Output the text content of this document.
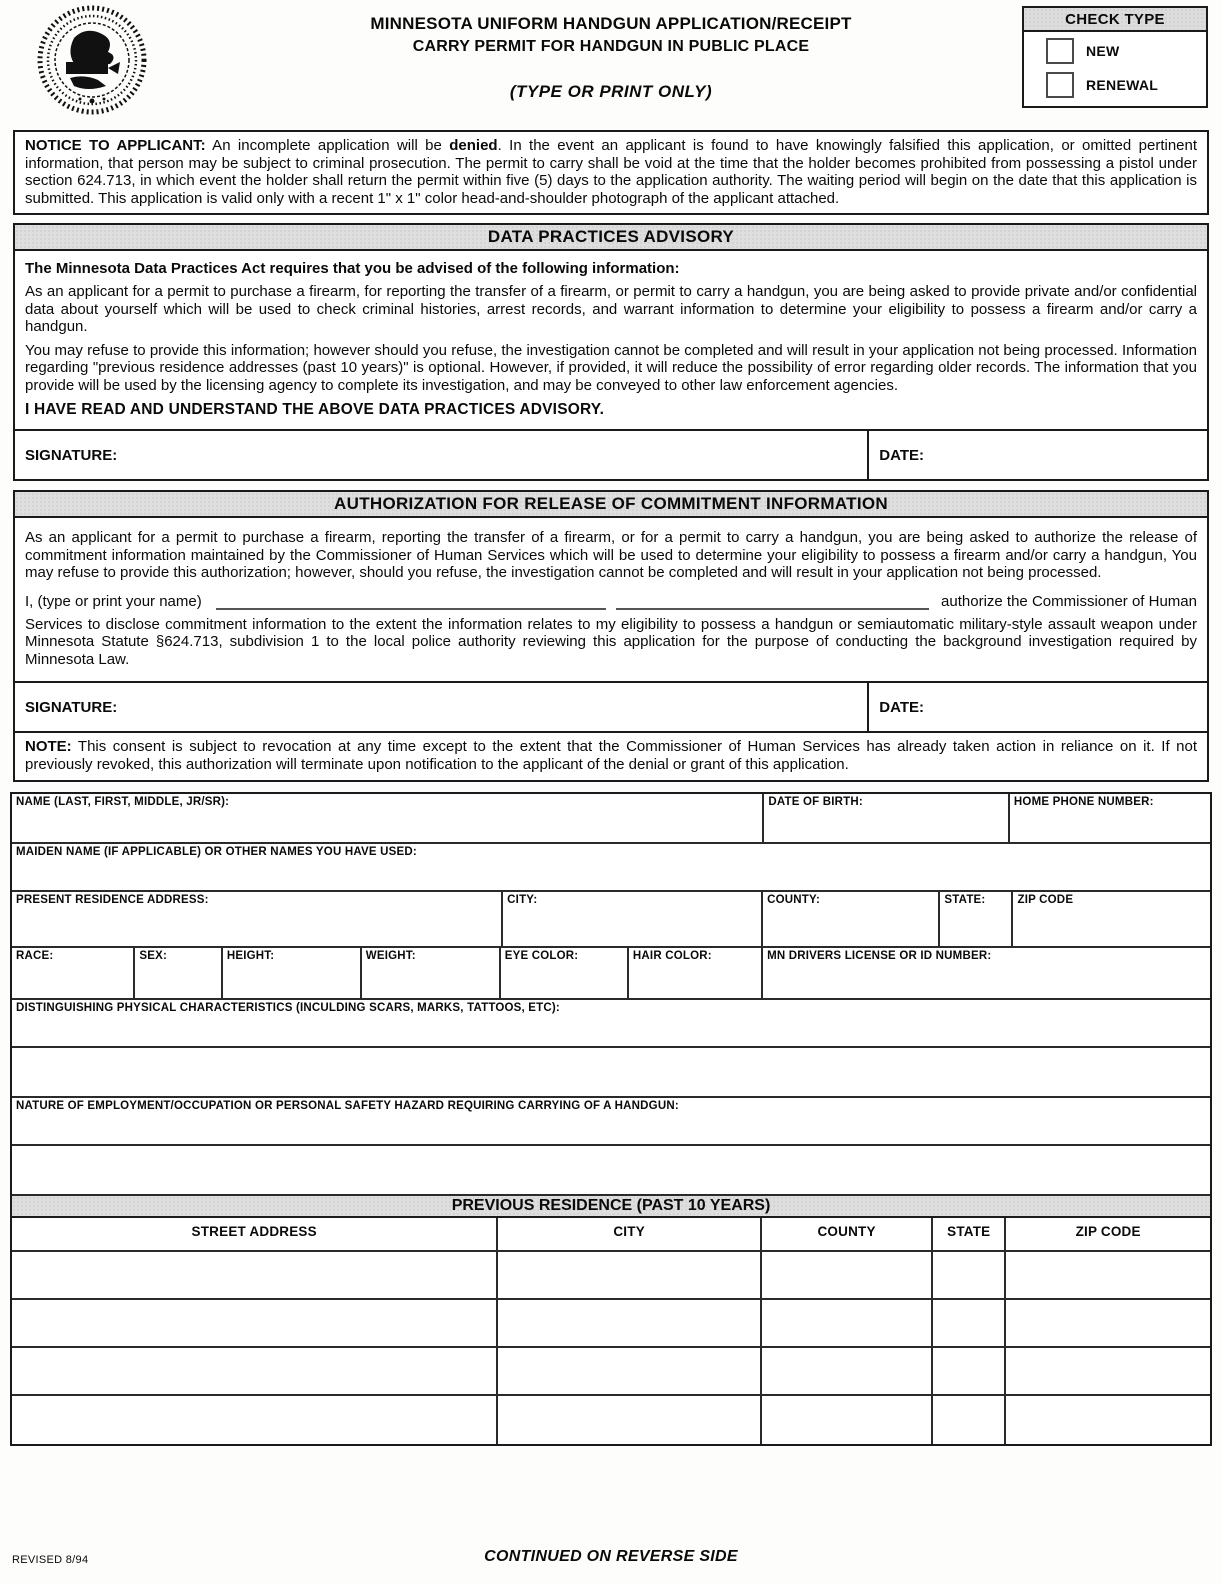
MINNESOTA UNIFORM HANDGUN APPLICATION/RECEIPT
CARRY PERMIT FOR HANDGUN IN PUBLIC PLACE
(TYPE OR PRINT ONLY)
CHECK TYPE
NEW
RENEWAL
NOTICE TO APPLICANT: An incomplete application will be denied. In the event an applicant is found to have knowingly falsified this application, or omitted pertinent information, that person may be subject to criminal prosecution. The permit to carry shall be void at the time that the holder becomes prohibited from possessing a pistol under section 624.713, in which event the holder shall return the permit within five (5) days to the application authority. The waiting period will begin on the date that this application is submitted. This application is valid only with a recent 1" x 1" color head-and-shoulder photograph of the applicant attached.
DATA PRACTICES ADVISORY
The Minnesota Data Practices Act requires that you be advised of the following information:
As an applicant for a permit to purchase a firearm, for reporting the transfer of a firearm, or permit to carry a handgun, you are being asked to provide private and/or confidential data about yourself which will be used to check criminal histories, arrest records, and warrant information to determine your eligibility to possess a firearm and/or carry a handgun.
You may refuse to provide this information; however should you refuse, the investigation cannot be completed and will result in your application not being processed. Information regarding "previous residence addresses (past 10 years)" is optional. However, if provided, it will reduce the possibility of error regarding older records. The information that you provide will be used by the licensing agency to complete its investigation, and may be conveyed to other law enforcement agencies.
I HAVE READ AND UNDERSTAND THE ABOVE DATA PRACTICES ADVISORY.
SIGNATURE:	DATE:
AUTHORIZATION FOR RELEASE OF COMMITMENT INFORMATION
As an applicant for a permit to purchase a firearm, reporting the transfer of a firearm, or for a permit to carry a handgun, you are being asked to authorize the release of commitment information maintained by the Commissioner of Human Services which will be used to determine your eligibility to possess a firearm and/or carry a handgun, You may refuse to provide this authorization; however, should you refuse, the investigation cannot be completed and will result in your application not being processed.
I, (type or print your name)	authorize the Commissioner of Human
Services to disclose commitment information to the extent the information relates to my eligibility to possess a handgun or semiautomatic military-style assault weapon under Minnesota Statute §624.713, subdivision 1 to the local police authority reviewing this application for the purpose of conducting the background investigation required by Minnesota Law.
SIGNATURE:	DATE:
NOTE: This consent is subject to revocation at any time except to the extent that the Commissioner of Human Services has already taken action in reliance on it. If not previously revoked, this authorization will terminate upon notification to the applicant of the denial or grant of this application.
NAME (LAST, FIRST, MIDDLE, JR/SR):	DATE OF BIRTH:	HOME PHONE NUMBER:
MAIDEN NAME (IF APPLICABLE) OR OTHER NAMES YOU HAVE USED:
PRESENT RESIDENCE ADDRESS:	CITY:	COUNTY:	STATE:	ZIP CODE
RACE:	SEX:	HEIGHT:	WEIGHT:	EYE COLOR:	HAIR COLOR:	MN DRIVERS LICENSE OR ID NUMBER:
DISTINGUISHING PHYSICAL CHARACTERISTICS (INCULDING SCARS, MARKS, TATTOOS, ETC):
NATURE OF EMPLOYMENT/OCCUPATION OR PERSONAL SAFETY HAZARD REQUIRING CARRYING OF A HANDGUN:
PREVIOUS RESIDENCE (PAST 10 YEARS)
STREET ADDRESS	CITY	COUNTY	STATE	ZIP CODE
REVISED 8/94	CONTINUED ON REVERSE SIDE
